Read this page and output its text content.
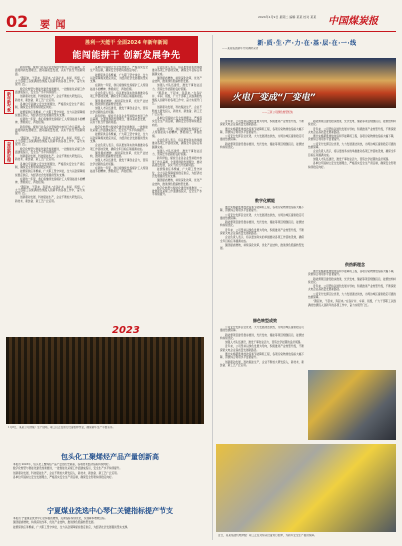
02 要 闻
2024年1月9日 星期二 编辑 某某 校对 某某 中国煤炭报
胜利一天能干 全面2024 年新年新闻
能闯能拼干 创新发展争先
新年新气象
奋进新征程

新年伊始，煤炭行业各企业坚持稳中求进工作总基调，全面贯彻新发展理念，推动高质量发展，以实干担当开创新局面。

“跑起来，干起来，奔起来。”在各矿井、车间、班组，广大干部职工以饱满的热情投入到新年的各项工作中，奋力实现开门红。

数字化转型与智能化建设加速推进，一批智能化采煤工作面建成投运，安全生产水平持续提升。

创新驱动发展，科技赋能生产，企业不断加大研发投入，新技术、新装备、新工艺广泛应用。

各单位牢固树立安全发展理念，严格落实安全生产责任制，确保安全形势持续稳定向好。

能源保供任务繁重，广大职工坚守岗位，全力以赴保障煤炭稳定供应，为经济社会发展提供坚实支撑。

在新的一年里，我们将继续发扬煤矿工人特别能战斗的精神，勇毅前行，再创佳绩。

新年伊始，煤炭行业各企业坚持稳中求进工作总基调，全面贯彻新发展理念，推动高质量发展，以实干担当开创新局面。

“跑起来，干起来，奔起来。”在各矿井、车间、班组，广大干部职工以饱满的热情投入到新年的各项工作中，奋力实现开门红。

数字化转型与智能化建设加速推进，一批智能化采煤工作面建成投运，安全生产水平持续提升。

创新驱动发展，科技赋能生产，企业不断加大研发投入，新技术、新装备、新工艺广泛应用。

各单位牢固树立安全发展理念，严格落实安全生产责任制，确保安全形势持续稳定向好。

能源保供任务繁重，广大职工坚守岗位，全力以赴保障煤炭稳定供应，为经济社会发展提供坚实支撑。

在新的一年里，我们将继续发扬煤矿工人特别能战斗的精神，勇毅前行，再创佳绩。

“跑起来，干起来，奔起来。”在各矿井、车间、班组，广大干部职工以饱满的热情投入到新年的各项工作中，奋力实现开门红。

创新驱动发展，科技赋能生产，企业不断加大研发投入，新技术、新装备、新工艺广泛应用。

各单位牢固树立安全发展理念，严格落实安全生产责任制，确保安全形势持续稳定向好。

能源保供任务繁重，广大职工坚守岗位，全力以赴保障煤炭稳定供应，为经济社会发展提供坚实支撑。

在新的一年里，我们将继续发扬煤矿工人特别能战斗的精神，勇毅前行，再创佳绩。

企业负责人表示，将以更加务实的举措推动各项工作落地见效，确保全年目标任务圆满完成。

围绕提质增效，持续深化改革，优化产业结构，推进绿色低碳转型发展。

加强人才队伍建设，激发干事创业活力，营造比学赶超的良好氛围。

新年伊始，煤炭行业各企业坚持稳中求进工作总基调，全面贯彻新发展理念，推动高质量发展，以实干担当开创新局面。

数字化转型与智能化建设加速推进，一批智能化采煤工作面建成投运，安全生产水平持续提升。

能源保供任务繁重，广大职工坚守岗位，全力以赴保障煤炭稳定供应，为经济社会发展提供坚实支撑。

企业负责人表示，将以更加务实的举措推动各项工作落地见效，确保全年目标任务圆满完成。

围绕提质增效，持续深化改革，优化产业结构，推进绿色低碳转型发展。

加强人才队伍建设，激发干事创业活力，营造比学赶超的良好氛围。

在新的一年里，我们将继续发扬煤矿工人特别能战斗的精神，勇毅前行，再创佳绩。

企业负责人表示，将以更加务实的举措推动各项工作落地见效，确保全年目标任务圆满完成。

围绕提质增效，持续深化改革，优化产业结构，推进绿色低碳转型发展。

加强人才队伍建设，激发干事创业活力，营造比学赶超的良好氛围。

“跑起来，干起来，奔起来。”在各矿井、车间、班组，广大干部职工以饱满的热情投入到新年的各项工作中，奋力实现开门红。

创新驱动发展，科技赋能生产，企业不断加大研发投入，新技术、新装备、新工艺广泛应用。

各单位牢固树立安全发展理念，严格落实安全生产责任制，确保安全形势持续稳定向好。

在新的一年里，我们将继续发扬煤矿工人特别能战斗的精神，勇毅前行，再创佳绩。

企业负责人表示，将以更加务实的举措推动各项工作落地见效，确保全年目标任务圆满完成。

加强人才队伍建设，激发干事创业活力，营造比学赶超的良好氛围。

新年伊始，煤炭行业各企业坚持稳中求进工作总基调，全面贯彻新发展理念，推动高质量发展，以实干担当开创新局面。

能源保供任务繁重，广大职工坚守岗位，全力以赴保障煤炭稳定供应，为经济社会发展提供坚实支撑。

围绕提质增效，持续深化改革，优化产业结构，推进绿色低碳转型发展。

数字化转型与智能化建设加速推进，一批智能化采煤工作面建成投运，安全生产水平持续提升。

2023
1月8日，某某公司选煤厂生产现场，职工们正在进行设备检修作业，确保新年生产平稳有序。
包头化工聚烯烃产品产量创新高

本报讯 2023年，包头化工聚烯烃产品产量创历史新高，各项技术经济指标持续向好。

数字化转型与智能化建设加速推进，一批智能化采煤工作面建成投运，安全生产水平持续提升。

创新驱动发展，科技赋能生产，企业不断加大研发投入，新技术、新装备、新工艺广泛应用。

各单位牢固树立安全发展理念，严格落实安全生产责任制，确保安全形势持续稳定向好。

宁夏煤业洗选中心琴仁关键指标提产节支

本报讯 宁夏煤业洗选中心坚持提质增效，关键指标持续优化，实现降本增效目标。

围绕提质增效，持续深化改革，优化产业结构，推进绿色低碳转型发展。

能源保供任务繁重，广大职工坚守岗位，全力以赴保障煤炭稳定供应，为经济社会发展提供坚实支撑。

新·质·生·产·力·在·基·层·在·一·线
——某某集团新年开局调研采访
火电厂变成“厂变电”
——三河公司绿色转型纪实

近年来，公司坚持以绿色发展为导向，积极推进产业转型升级，不断探索火电企业高质量发展新路径。

通过实施超低排放改造和节能降耗工程，各项污染物排放指标大幅下降，资源综合利用水平显著提升。

公司充分发挥区位优势，大力发展清洁供热，为周边城区提供稳定可靠的热源保障。

新能源项目建设稳步推进，光伏发电、储能等项目相继投运，能源结构持续优化。

数字化赋能

通过实施超低排放改造和节能降耗工程，各项污染物排放指标大幅下降，资源综合利用水平显著提升。

公司充分发挥区位优势，大力发展清洁供热，为周边城区提供稳定可靠的热源保障。

新能源项目建设稳步推进，光伏发电、储能等项目相继投运，能源结构持续优化。

近年来，公司坚持以绿色发展为导向，积极推进产业转型升级，不断探索火电企业高质量发展新路径。

企业负责人表示，将以更加务实的举措推动各项工作落地见效，确保全年目标任务圆满完成。

围绕提质增效，持续深化改革，优化产业结构，推进绿色低碳转型发展。

绿色转型成效

公司充分发挥区位优势，大力发展清洁供热，为周边城区提供稳定可靠的热源保障。

新能源项目建设稳步推进，光伏发电、储能等项目相继投运，能源结构持续优化。

加强人才队伍建设，激发干事创业活力，营造比学赶超的良好氛围。

近年来，公司坚持以绿色发展为导向，积极推进产业转型升级，不断探索火电企业高质量发展新路径。

通过实施超低排放改造和节能降耗工程，各项污染物排放指标大幅下降，资源综合利用水平显著提升。

创新驱动发展，科技赋能生产，企业不断加大研发投入，新技术、新装备、新工艺广泛应用。

新能源项目建设稳步推进，光伏发电、储能等项目相继投运，能源结构持续优化。

近年来，公司坚持以绿色发展为导向，积极推进产业转型升级，不断探索火电企业高质量发展新路径。

通过实施超低排放改造和节能降耗工程，各项污染物排放指标大幅下降，资源综合利用水平显著提升。

公司充分发挥区位优势，大力发展清洁供热，为周边城区提供稳定可靠的热源保障。

企业负责人表示，将以更加务实的举措推动各项工作落地见效，确保全年目标任务圆满完成。

加强人才队伍建设，激发干事创业活力，营造比学赶超的良好氛围。

各单位牢固树立安全发展理念，严格落实安全生产责任制，确保安全形势持续稳定向好。

供热新理念

通过实施超低排放改造和节能降耗工程，各项污染物排放指标大幅下降，资源综合利用水平显著提升。

新能源项目建设稳步推进，光伏发电、储能等项目相继投运，能源结构持续优化。

近年来，公司坚持以绿色发展为导向，积极推进产业转型升级，不断探索火电企业高质量发展新路径。

公司充分发挥区位优势，大力发展清洁供热，为周边城区提供稳定可靠的热源保障。

“跑起来，干起来，奔起来。”在各矿井、车间、班组，广大干部职工以饱满的热情投入到新年的各项工作中，奋力实现开门红。

近日，某某集团机电修配厂职工正在对综采设备进行检修，为新年安全生产提供保障。
